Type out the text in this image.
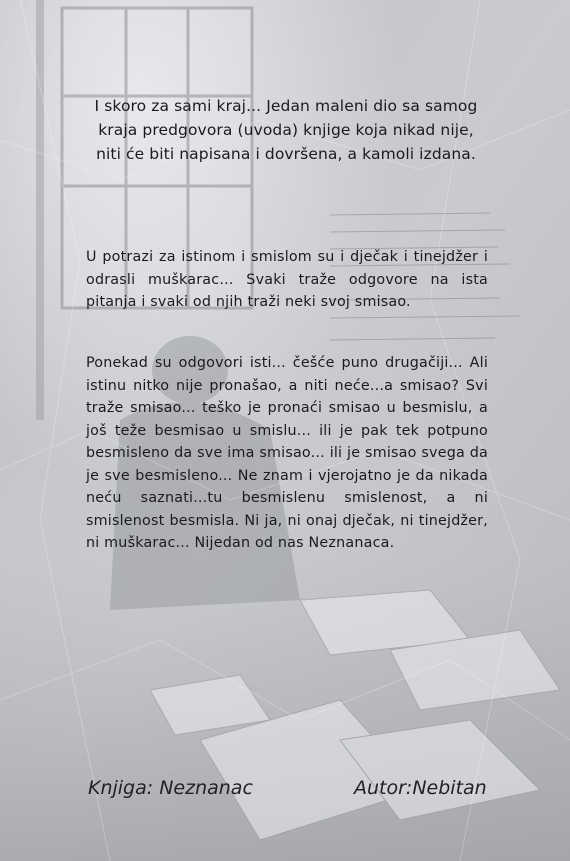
I skoro za sami kraj... Jedan maleni dio sa samog kraja predgovora (uvoda) knjige koja nikad nije, niti će biti napisana i dovršena, a kamoli izdana.

U potrazi za istinom i smislom su i dječak i tinejdžer i odrasli muškarac... Svaki traže odgovore na ista pitanja i svaki od njih traži neki svoj smisao.

Ponekad su odgovori isti... češće puno drugačiji... Ali istinu nitko nije pronašao, a niti neće...a smisao? Svi traže smisao... teško je pronaći smisao u besmislu, a još teže besmisao u smislu... ili je pak tek potpuno besmisleno da sve ima smisao... ili je smisao svega da je sve besmisleno... Ne znam i vjerojatno je da nikada neću saznati...tu besmislenu smislenost, a ni smislenost besmisla. Ni ja, ni onaj dječak, ni tinejdžer, ni muškarac... Nijedan od nas Neznanaca.

Knjiga: Neznanac	Autor:Nebitan
